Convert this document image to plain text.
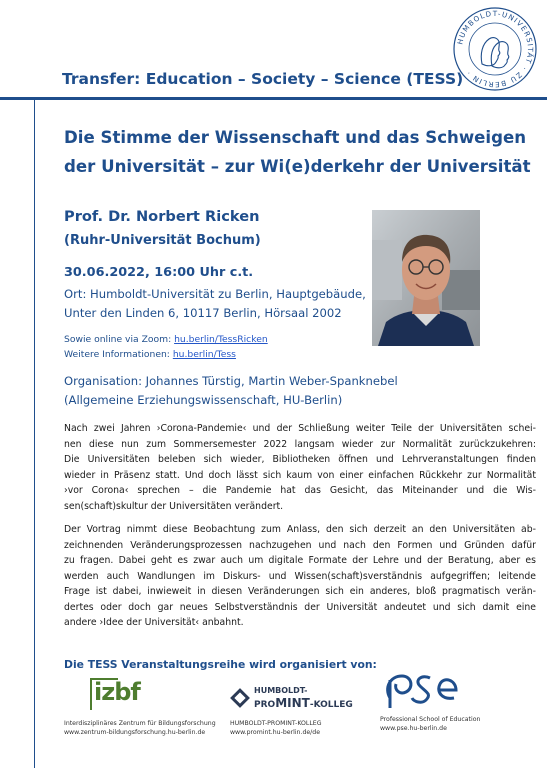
HUMBOLDT-UNIVERSITÄT · ZU BERLIN ·
Transfer: Education – Society – Science (TESS)
Die Stimme der Wissenschaft und das Schweigen
der Universität – zur Wi(e)derkehr der Universität
Prof. Dr. Norbert Ricken
(Ruhr-Universität Bochum)
30.06.2022, 16:00 Uhr c.t.
Ort: Humboldt-Universität zu Berlin, Hauptgebäude,
Unter den Linden 6, 10117 Berlin, Hörsaal 2002
Sowie online via Zoom: hu.berlin/TessRicken
Weitere Informationen: hu.berlin/Tess
Organisation: Johannes Türstig, Martin Weber-Spanknebel
(Allgemeine Erziehungswissenschaft, HU-Berlin)
Nach zwei Jahren ›Corona-Pandemie‹ und der Schließung weiter Teile der Universitäten schei-
nen diese nun zum Sommersemester 2022 langsam wieder zur Normalität zurückzukehren:
Die Universitäten beleben sich wieder, Bibliotheken öffnen und Lehrveranstaltungen finden
wieder in Präsenz statt. Und doch lässt sich kaum von einer einfachen Rückkehr zur Normalität
›vor Corona‹ sprechen – die Pandemie hat das Gesicht, das Miteinander und die Wis-
sen(schaft)skultur der Universitäten verändert.
Der Vortrag nimmt diese Beobachtung zum Anlass, den sich derzeit an den Universitäten ab-
zeichnenden Veränderungsprozessen nachzugehen und nach den Formen und Gründen dafür
zu fragen. Dabei geht es zwar auch um digitale Formate der Lehre und der Beratung, aber es
werden auch Wandlungen im Diskurs- und Wissen(schaft)sverständnis aufgegriffen; leitende
Frage ist dabei, inwieweit in diesen Veränderungen sich ein anderes, bloß pragmatisch verän-
dertes oder doch gar neues Selbstverständnis der Universität andeutet und sich damit eine
andere ›Idee der Universität‹ anbahnt.
Die TESS Veranstaltungsreihe wird organisiert von:
izbf
Interdisziplinäres Zentrum für Bildungsforschung
www.zentrum-bildungsforschung.hu-berlin.de
HUMBOLDT-
PROMINT-KOLLEG
HUMBOLDT-PROMINT-KOLLEG
www.promint.hu-berlin.de/de
Professional School of Education
www.pse.hu-berlin.de
